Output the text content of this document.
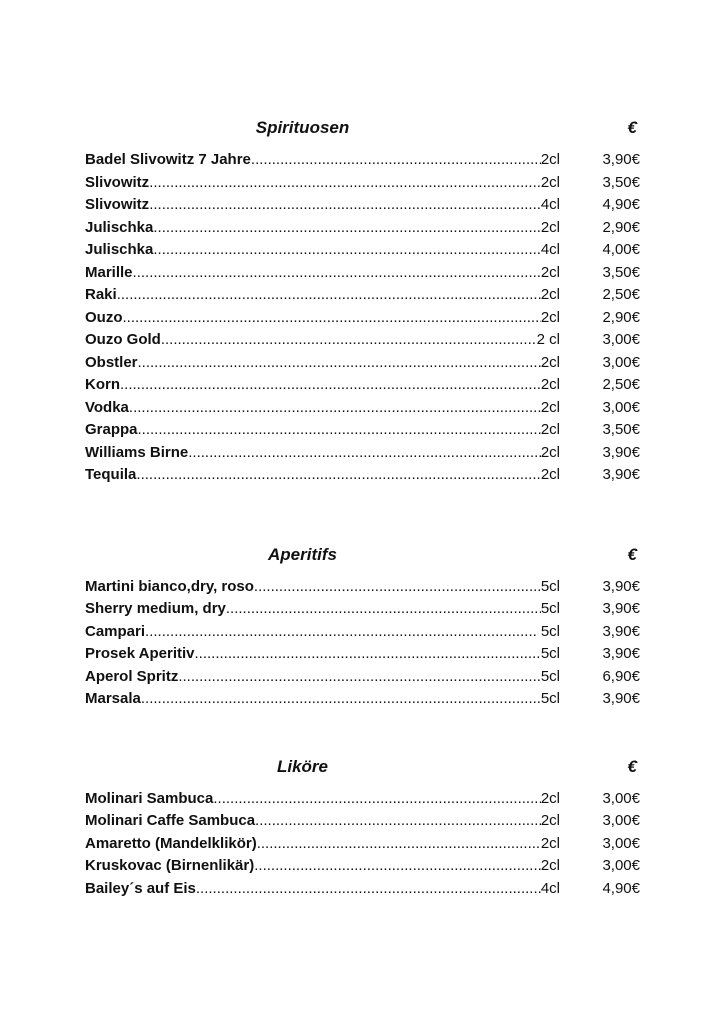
Spirituosen	€
Badel Slivowitz 7 Jahre .....	2cl	3,90€
Slivowitz .....	2cl	3,50€
Slivowitz .....	4cl	4,90€
Julischka .....	2cl	2,90€
Julischka .....	4cl	4,00€
Marille .....	2cl	3,50€
Raki .....	2cl	2,50€
Ouzo .....	2cl	2,90€
Ouzo Gold .....	2 cl	3,00€
Obstler .....	2cl	3,00€
Korn .....	2cl	2,50€
Vodka .....	2cl	3,00€
Grappa .....	2cl	3,50€
Williams Birne .....	2cl	3,90€
Tequila .....	2cl	3,90€
Aperitifs	€
Martini bianco,dry, roso .....	5cl	3,90€
Sherry medium, dry .....	5cl	3,90€
Campari .....	5cl	3,90€
Prosek Aperitiv .....	5cl	3,90€
Aperol Spritz .....	5cl	6,90€
Marsala .....	5cl	3,90€
Liköre	€
Molinari Sambuca .....	2cl	3,00€
Molinari Caffe Sambuca .....	2cl	3,00€
Amaretto (Mandelklikör) .....	2cl	3,00€
Kruskovac (Birnenlikär) .....	2cl	3,00€
Bailey´s auf Eis .....	4cl	4,90€
